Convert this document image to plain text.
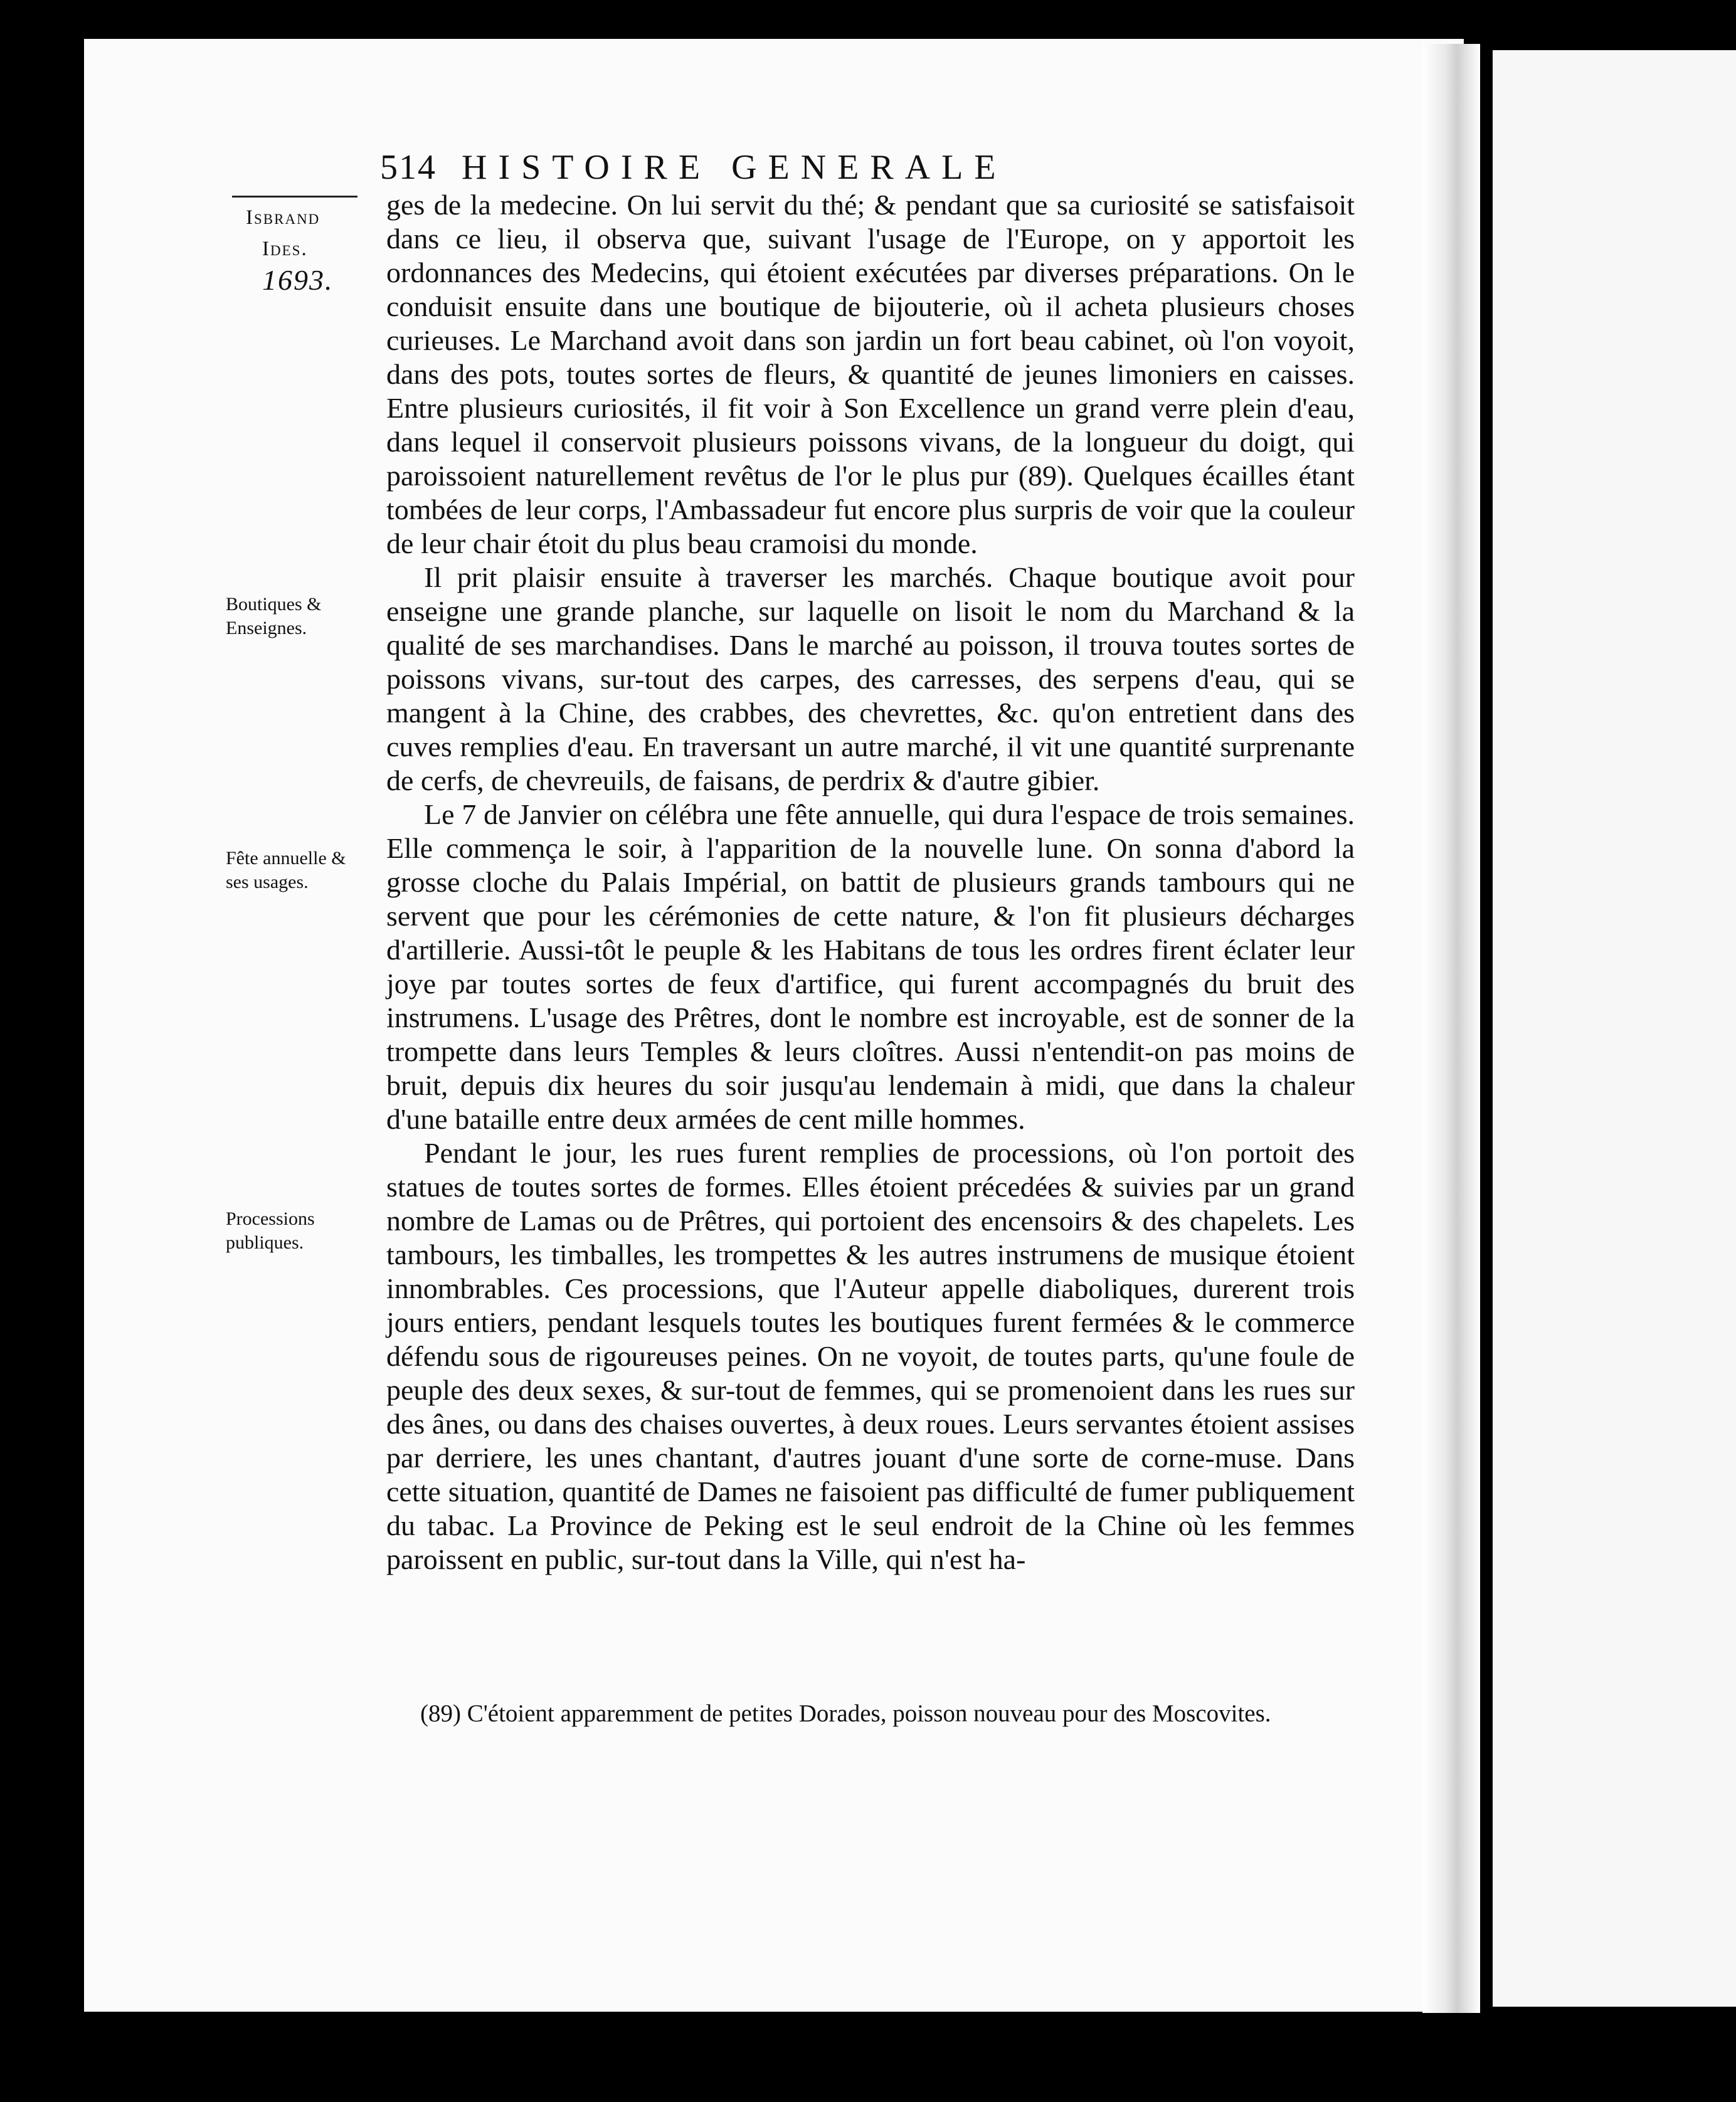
514 HISTOIRE GENERALE
Isbrand
Ides.
1693.
Boutiques & Enseignes.
Fête annuelle & ses usages.
Processions publiques.

ges de la medecine. On lui servit du thé; & pendant que sa curiosité se satisfaisoit dans ce lieu, il observa que, suivant l'usage de l'Europe, on y apportoit les ordonnances des Medecins, qui étoient exécutées par diverses préparations. On le conduisit ensuite dans une boutique de bijouterie, où il acheta plusieurs choses curieuses. Le Marchand avoit dans son jardin un fort beau cabinet, où l'on voyoit, dans des pots, toutes sortes de fleurs, & quantité de jeunes limoniers en caisses. Entre plusieurs curiosités, il fit voir à Son Excellence un grand verre plein d'eau, dans lequel il conservoit plusieurs poissons vivans, de la longueur du doigt, qui paroissoient naturellement revêtus de l'or le plus pur (89). Quelques écailles étant tombées de leur corps, l'Ambassadeur fut encore plus surpris de voir que la couleur de leur chair étoit du plus beau cramoisi du monde.

Il prit plaisir ensuite à traverser les marchés. Chaque boutique avoit pour enseigne une grande planche, sur laquelle on lisoit le nom du Marchand & la qualité de ses marchandises. Dans le marché au poisson, il trouva toutes sortes de poissons vivans, sur-tout des carpes, des carresses, des serpens d'eau, qui se mangent à la Chine, des crabbes, des chevrettes, &c. qu'on entretient dans des cuves remplies d'eau. En traversant un autre marché, il vit une quantité surprenante de cerfs, de chevreuils, de faisans, de perdrix & d'autre gibier.

Le 7 de Janvier on célébra une fête annuelle, qui dura l'espace de trois semaines. Elle commença le soir, à l'apparition de la nouvelle lune. On sonna d'abord la grosse cloche du Palais Impérial, on battit de plusieurs grands tambours qui ne servent que pour les cérémonies de cette nature, & l'on fit plusieurs décharges d'artillerie. Aussi-tôt le peuple & les Habitans de tous les ordres firent éclater leur joye par toutes sortes de feux d'artifice, qui furent accompagnés du bruit des instrumens. L'usage des Prêtres, dont le nombre est incroyable, est de sonner de la trompette dans leurs Temples & leurs cloîtres. Aussi n'entendit-on pas moins de bruit, depuis dix heures du soir jusqu'au lendemain à midi, que dans la chaleur d'une bataille entre deux armées de cent mille hommes.

Pendant le jour, les rues furent remplies de processions, où l'on portoit des statues de toutes sortes de formes. Elles étoient précedées & suivies par un grand nombre de Lamas ou de Prêtres, qui portoient des encensoirs & des chapelets. Les tambours, les timballes, les trompettes & les autres instrumens de musique étoient innombrables. Ces processions, que l'Auteur appelle diaboliques, durerent trois jours entiers, pendant lesquels toutes les boutiques furent fermées & le commerce défendu sous de rigoureuses peines. On ne voyoit, de toutes parts, qu'une foule de peuple des deux sexes, & sur-tout de femmes, qui se promenoient dans les rues sur des ânes, ou dans des chaises ouvertes, à deux roues. Leurs servantes étoient assises par derriere, les unes chantant, d'autres jouant d'une sorte de corne-muse. Dans cette situation, quantité de Dames ne faisoient pas difficulté de fumer publiquement du tabac. La Province de Peking est le seul endroit de la Chine où les femmes paroissent en public, sur-tout dans la Ville, qui n'est ha-

(89) C'étoient apparemment de petites Dorades, poisson nouveau pour des Moscovites.
